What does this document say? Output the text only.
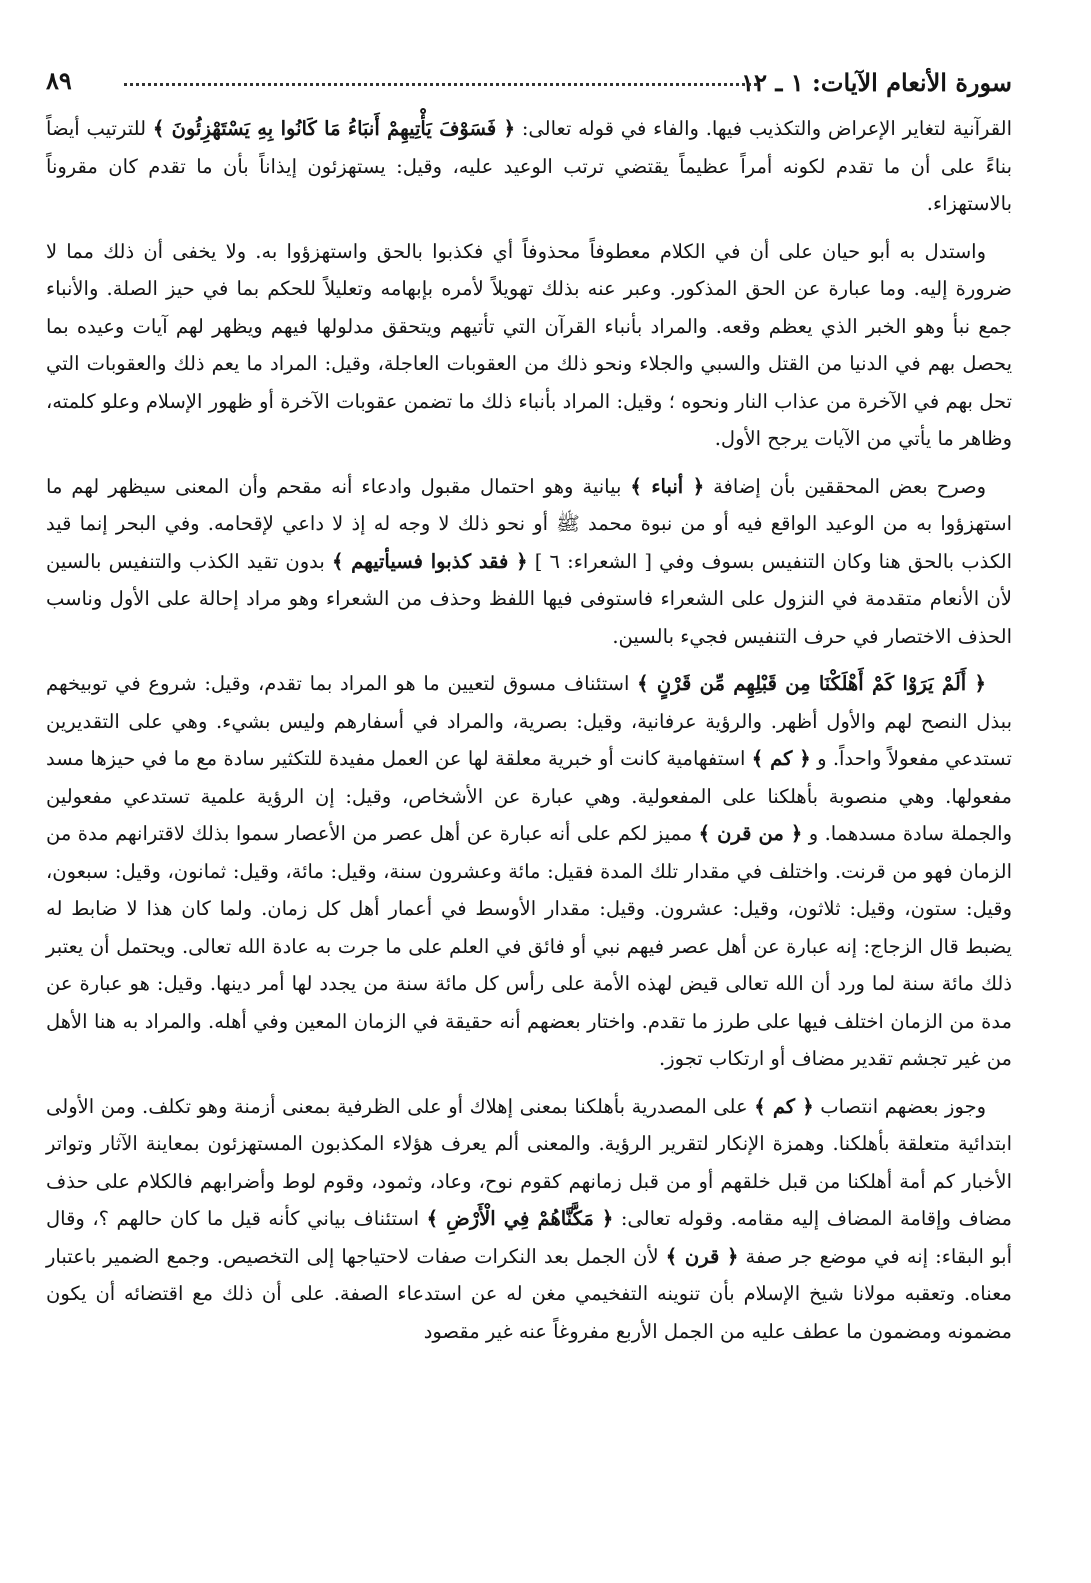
سورة الأنعام الآيات: ١ ـ ١٢
٨٩

القرآنية لتغاير الإعراض والتكذيب فيها. والفاء في قوله تعالى: ﴿ فَسَوْفَ يَأْتِيهِمْ أَنبَاءُ مَا كَانُوا بِهِ يَسْتَهْزِئُونَ ﴾ للترتيب أيضاً بناءً على أن ما تقدم لكونه أمراً عظيماً يقتضي ترتب الوعيد عليه، وقيل: يستهزئون إيذاناً بأن ما تقدم كان مقروناً بالاستهزاء.

واستدل به أبو حيان على أن في الكلام معطوفاً محذوفاً أي فكذبوا بالحق واستهزؤوا به. ولا يخفى أن ذلك مما لا ضرورة إليه. وما عبارة عن الحق المذكور. وعبر عنه بذلك تهويلاً لأمره بإبهامه وتعليلاً للحكم بما في حيز الصلة. والأنباء جمع نبأ وهو الخبر الذي يعظم وقعه. والمراد بأنباء القرآن التي تأتيهم ويتحقق مدلولها فيهم ويظهر لهم آيات وعيده بما يحصل بهم في الدنيا من القتل والسبي والجلاء ونحو ذلك من العقوبات العاجلة، وقيل: المراد ما يعم ذلك والعقوبات التي تحل بهم في الآخرة من عذاب النار ونحوه ؛ وقيل: المراد بأنباء ذلك ما تضمن عقوبات الآخرة أو ظهور الإسلام وعلو كلمته، وظاهر ما يأتي من الآيات يرجح الأول.

وصرح بعض المحققين بأن إضافة ﴿ أنباء ﴾ بيانية وهو احتمال مقبول وادعاء أنه مقحم وأن المعنى سيظهر لهم ما استهزؤوا به من الوعيد الواقع فيه أو من نبوة محمد ﷺ أو نحو ذلك لا وجه له إذ لا داعي لإقحامه. وفي البحر إنما قيد الكذب بالحق هنا وكان التنفيس بسوف وفي [ الشعراء: ٦ ] ﴿ فقد كذبوا فسيأتيهم ﴾ بدون تقيد الكذب والتنفيس بالسين لأن الأنعام متقدمة في النزول على الشعراء فاستوفى فيها اللفظ وحذف من الشعراء وهو مراد إحالة على الأول وناسب الحذف الاختصار في حرف التنفيس فجيء بالسين.

﴿ أَلَمْ يَرَوْا كَمْ أَهْلَكْنَا مِن قَبْلِهِم مِّن قَرْنٍ ﴾ استئناف مسوق لتعيين ما هو المراد بما تقدم، وقيل: شروع في توبيخهم ببذل النصح لهم والأول أظهر. والرؤية عرفانية، وقيل: بصرية، والمراد في أسفارهم وليس بشيء. وهي على التقديرين تستدعي مفعولاً واحداً. و ﴿ كم ﴾ استفهامية كانت أو خبرية معلقة لها عن العمل مفيدة للتكثير سادة مع ما في حيزها مسد مفعولها. وهي منصوبة بأهلكنا على المفعولية. وهي عبارة عن الأشخاص، وقيل: إن الرؤية علمية تستدعي مفعولين والجملة سادة مسدهما. و ﴿ من قرن ﴾ مميز لكم على أنه عبارة عن أهل عصر من الأعصار سموا بذلك لاقترانهم مدة من الزمان فهو من قرنت. واختلف في مقدار تلك المدة فقيل: مائة وعشرون سنة، وقيل: مائة، وقيل: ثمانون، وقيل: سبعون، وقيل: ستون، وقيل: ثلاثون، وقيل: عشرون. وقيل: مقدار الأوسط في أعمار أهل كل زمان. ولما كان هذا لا ضابط له يضبط قال الزجاج: إنه عبارة عن أهل عصر فيهم نبي أو فائق في العلم على ما جرت به عادة الله تعالى. ويحتمل أن يعتبر ذلك مائة سنة لما ورد أن الله تعالى قيض لهذه الأمة على رأس كل مائة سنة من يجدد لها أمر دينها. وقيل: هو عبارة عن مدة من الزمان اختلف فيها على طرز ما تقدم. واختار بعضهم أنه حقيقة في الزمان المعين وفي أهله. والمراد به هنا الأهل من غير تجشم تقدير مضاف أو ارتكاب تجوز.

وجوز بعضهم انتصاب ﴿ كم ﴾ على المصدرية بأهلكنا بمعنى إهلاك أو على الظرفية بمعنى أزمنة وهو تكلف. ومن الأولى ابتدائية متعلقة بأهلكنا. وهمزة الإنكار لتقرير الرؤية. والمعنى ألم يعرف هؤلاء المكذبون المستهزئون بمعاينة الآثار وتواتر الأخبار كم أمة أهلكنا من قبل خلقهم أو من قبل زمانهم كقوم نوح، وعاد، وثمود، وقوم لوط وأضرابهم فالكلام على حذف مضاف وإقامة المضاف إليه مقامه. وقوله تعالى: ﴿ مَكَّنَّاهُمْ فِي الْأَرْضِ ﴾ استئناف بياني كأنه قيل ما كان حالهم ؟، وقال أبو البقاء: إنه في موضع جر صفة ﴿ قرن ﴾ لأن الجمل بعد النكرات صفات لاحتياجها إلى التخصيص. وجمع الضمير باعتبار معناه. وتعقبه مولانا شيخ الإسلام بأن تنوينه التفخيمي مغن له عن استدعاء الصفة. على أن ذلك مع اقتضائه أن يكون مضمونه ومضمون ما عطف عليه من الجمل الأربع مفروغاً عنه غير مقصود
